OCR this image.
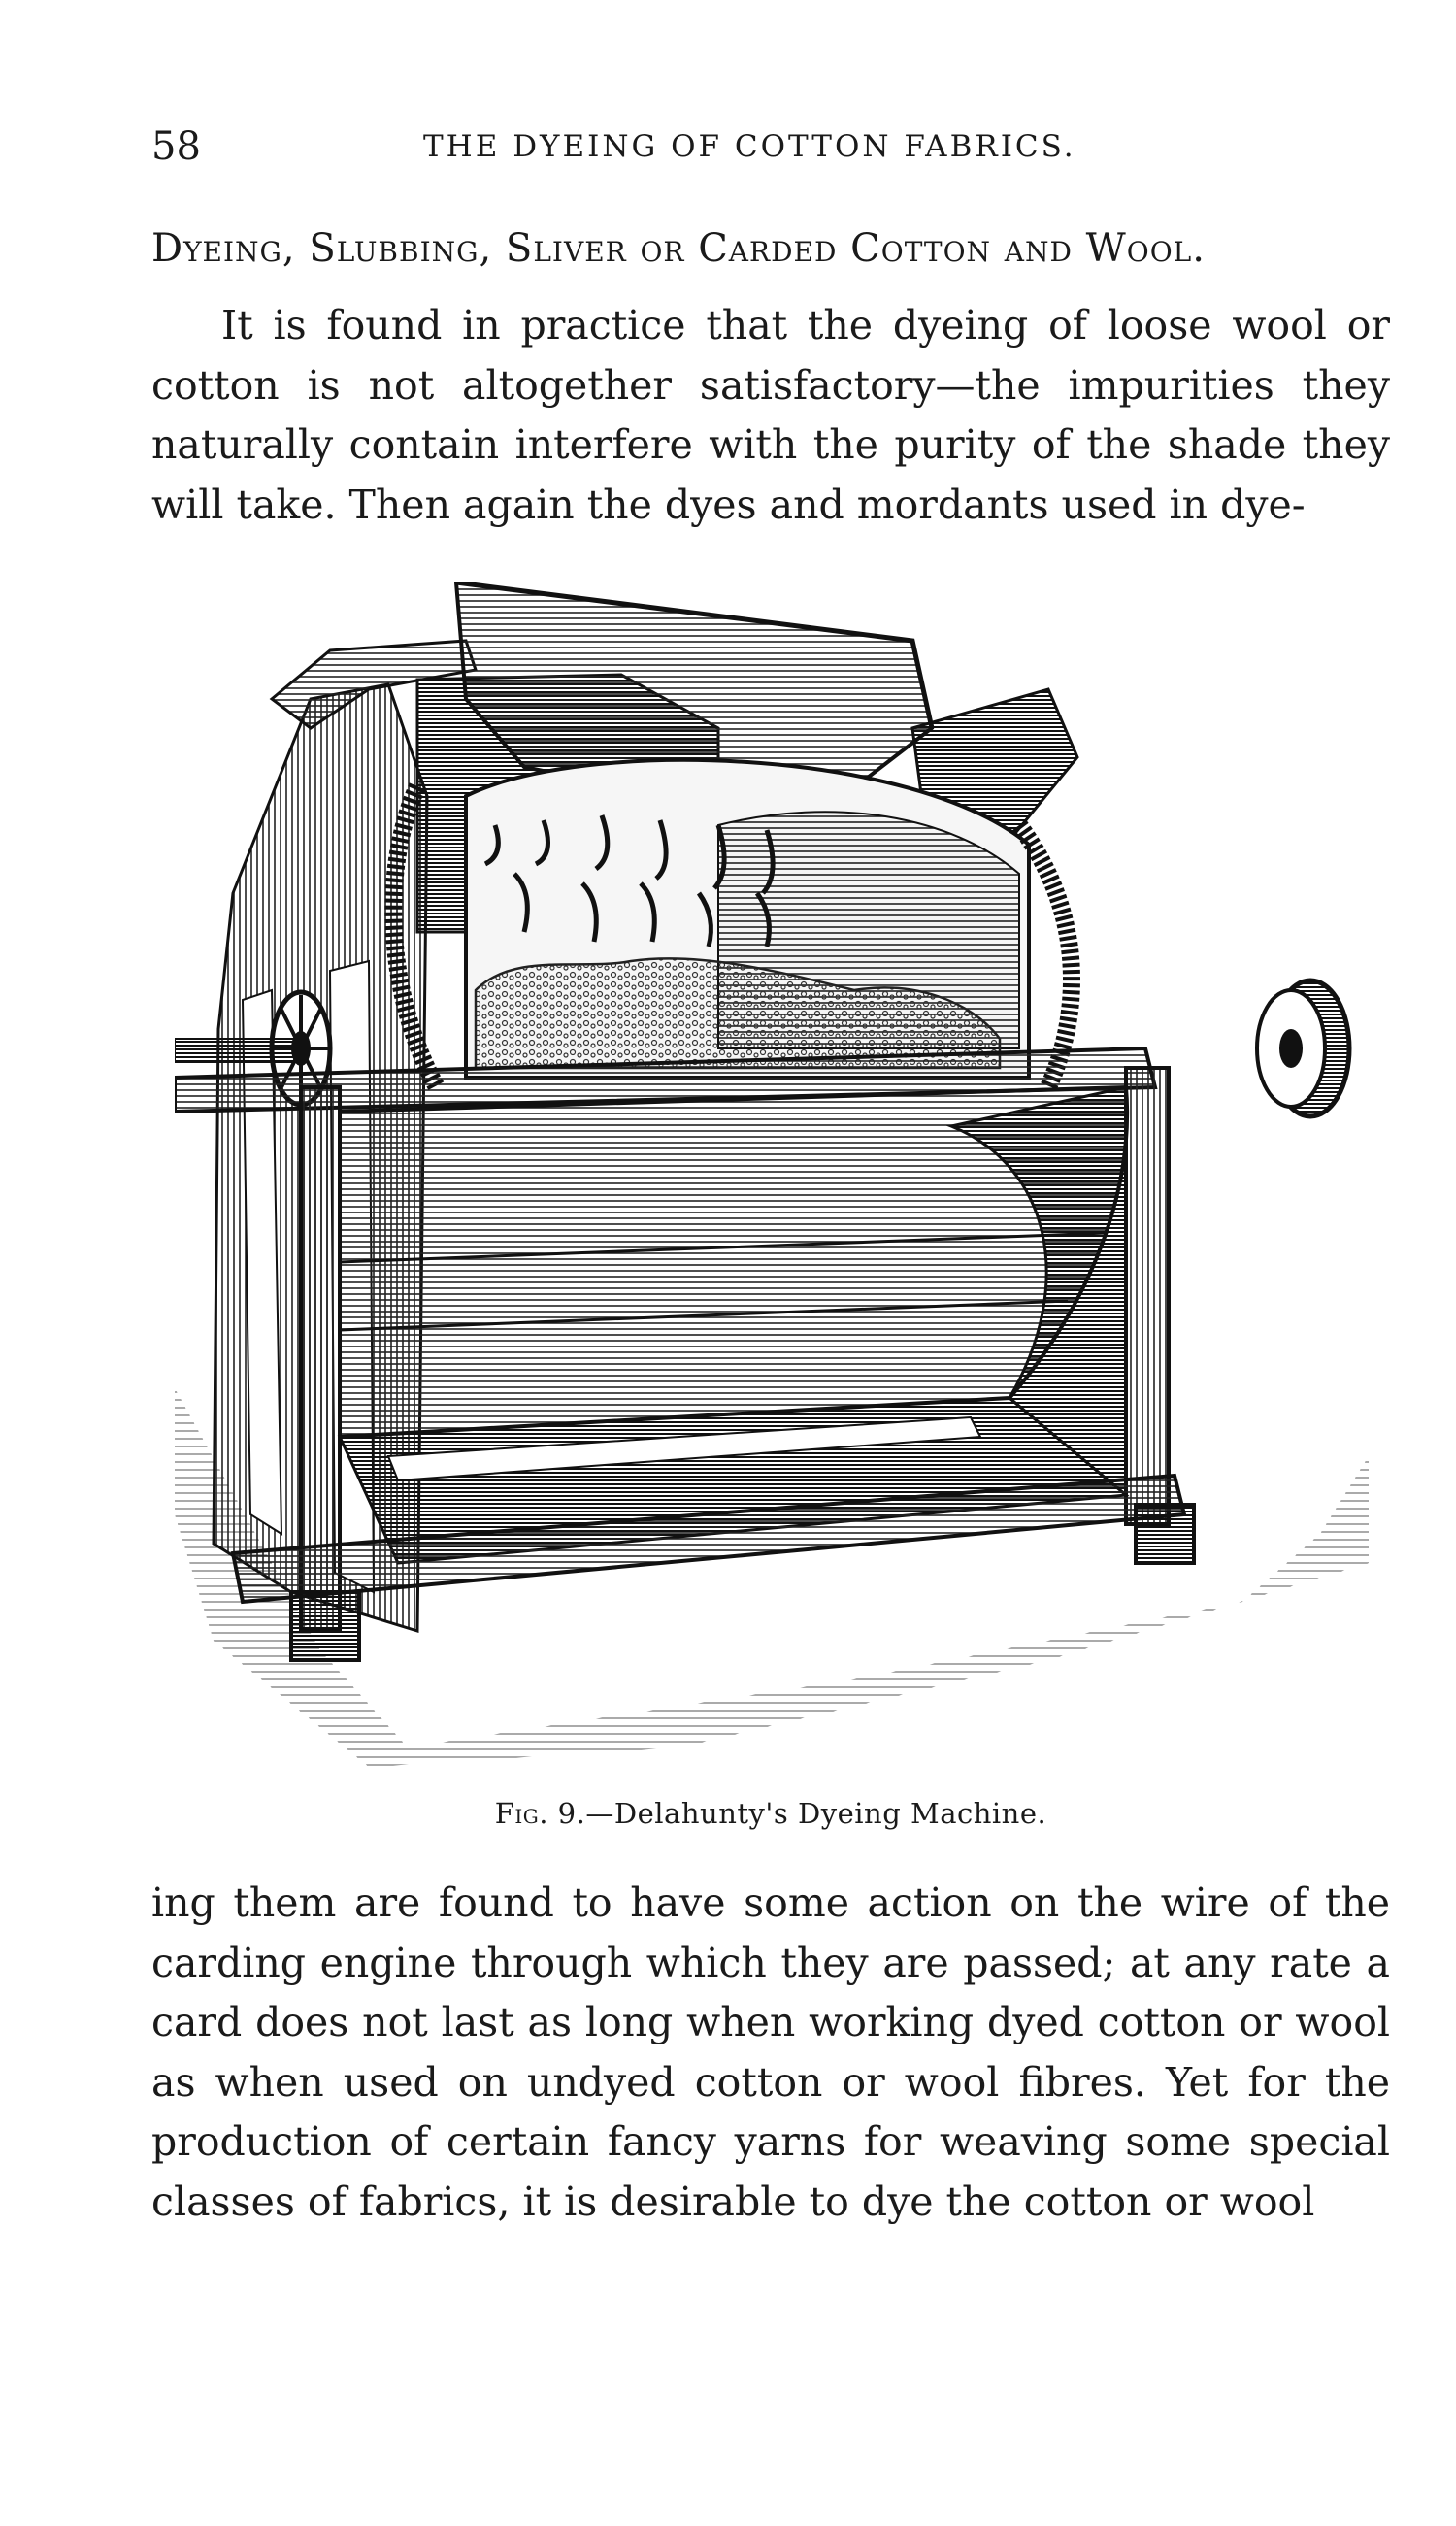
58	THE DYEING OF COTTON FABRICS.
Dyeing, Slubbing, Sliver or Carded Cotton and Wool.

It is found in practice that the dyeing of loose wool or cotton is not altogether satisfactory—the impurities they naturally contain interfere with the purity of the shade they will take. Then again the dyes and mordants used in dye-

Fig. 9.—Delahunty's Dyeing Machine.

ing them are found to have some action on the wire of the carding engine through which they are passed; at any rate a card does not last as long when working dyed cotton or wool as when used on undyed cotton or wool fibres. Yet for the production of certain fancy yarns for weaving some special classes of fabrics, it is desirable to dye the cotton or wool
